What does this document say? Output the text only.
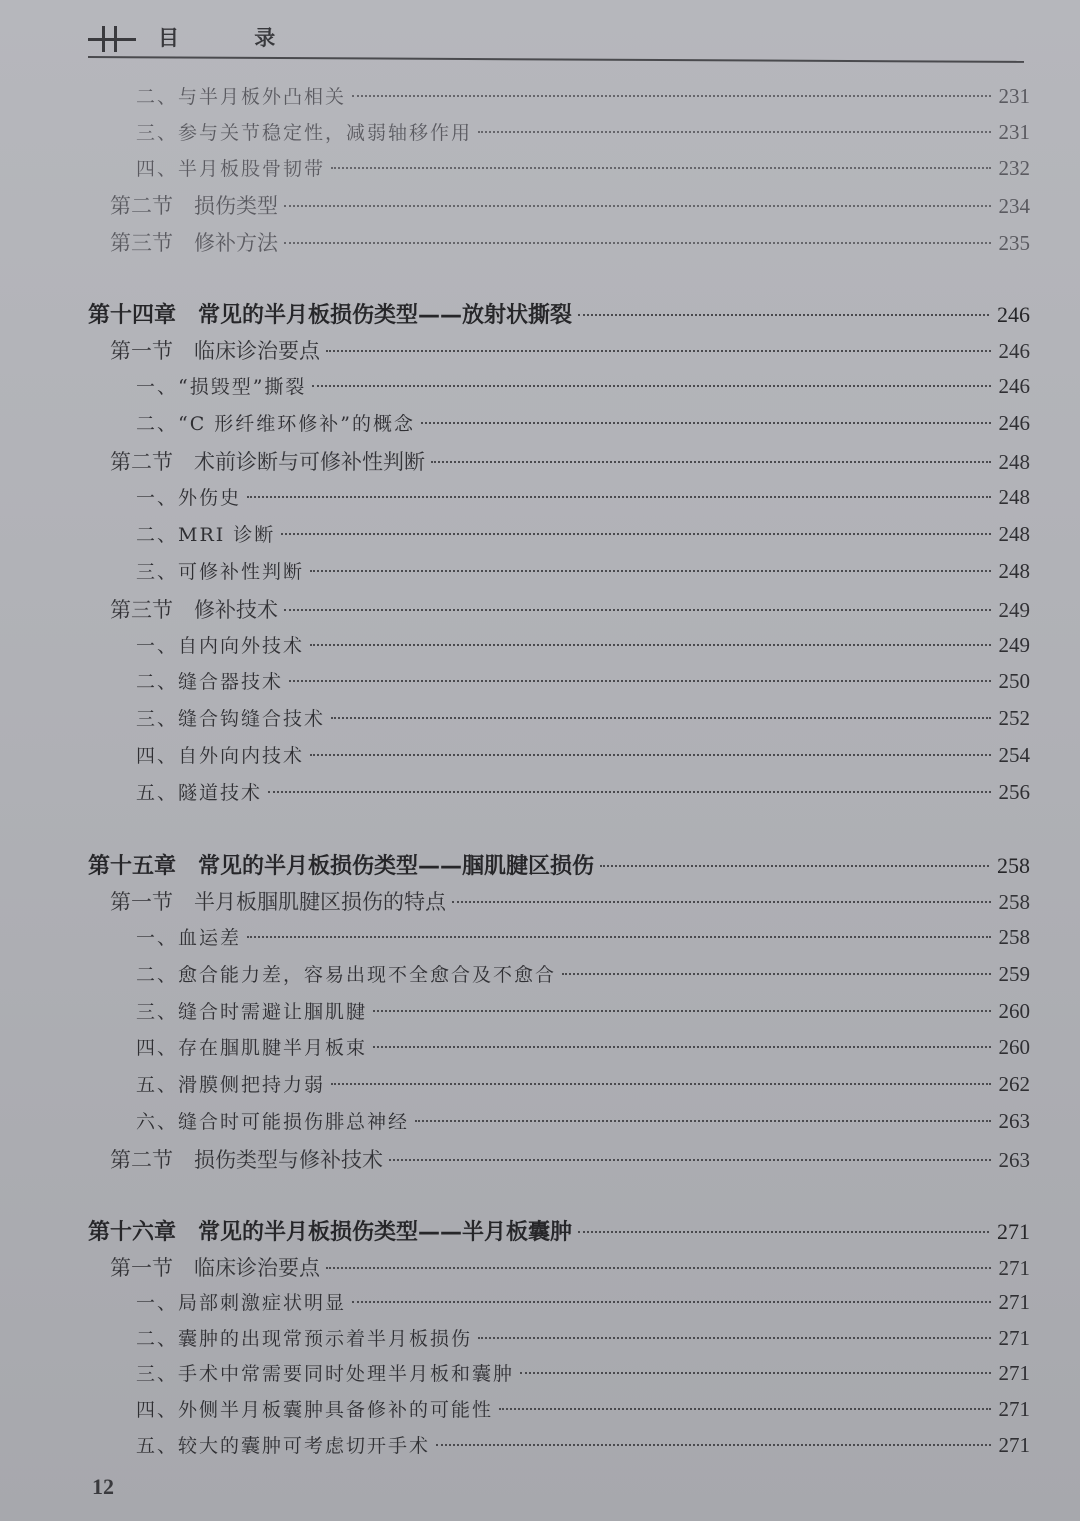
目 录
二、与半月板外凸相关	231
三、参与关节稳定性，减弱轴移作用	231
四、半月板股骨韧带	232
第二节　损伤类型	234
第三节　修补方法	235
第十四章　常见的半月板损伤类型——放射状撕裂	246
第一节　临床诊治要点	246
一、“损毁型”撕裂	246
二、“C 形纤维环修补”的概念	246
第二节　术前诊断与可修补性判断	248
一、外伤史	248
二、MRI 诊断	248
三、可修补性判断	248
第三节　修补技术	249
一、自内向外技术	249
二、缝合器技术	250
三、缝合钩缝合技术	252
四、自外向内技术	254
五、隧道技术	256
第十五章　常见的半月板损伤类型——腘肌腱区损伤	258
第一节　半月板腘肌腱区损伤的特点	258
一、血运差	258
二、愈合能力差，容易出现不全愈合及不愈合	259
三、缝合时需避让腘肌腱	260
四、存在腘肌腱半月板束	260
五、滑膜侧把持力弱	262
六、缝合时可能损伤腓总神经	263
第二节　损伤类型与修补技术	263
第十六章　常见的半月板损伤类型——半月板囊肿	271
第一节　临床诊治要点	271
一、局部刺激症状明显	271
二、囊肿的出现常预示着半月板损伤	271
三、手术中常需要同时处理半月板和囊肿	271
四、外侧半月板囊肿具备修补的可能性	271
五、较大的囊肿可考虑切开手术	271
12
